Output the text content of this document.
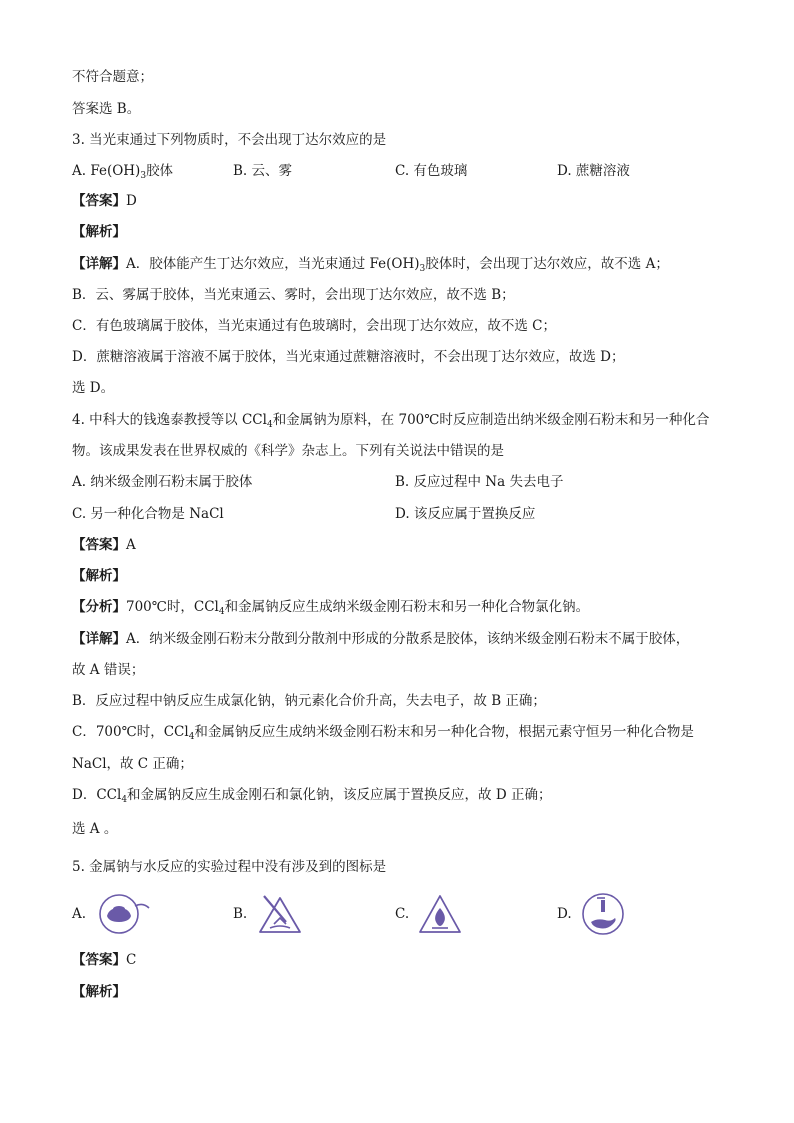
不符合题意；
答案选 B。
3. 当光束通过下列物质时，不会出现丁达尔效应的是
A. $Fe(OH)_3$胶体	B. 云、雾	C. 有色玻璃	D. 蔗糖溶液
【答案】D
【解析】
【详解】A．胶体能产生丁达尔效应，当光束通过 $Fe(OH)_3$胶体时，会出现丁达尔效应，故不选 A；
B．云、雾属于胶体，当光束通云、雾时，会出现丁达尔效应，故不选 B；
C．有色玻璃属于胶体，当光束通过有色玻璃时，会出现丁达尔效应，故不选 C；
D．蔗糖溶液属于溶液不属于胶体，当光束通过蔗糖溶液时，不会出现丁达尔效应，故选 D；
选 D。
4. 中科大的钱逸泰教授等以 CCl$_4$和金属钠为原料，在 700℃时反应制造出纳米级金刚石粉末和另一种化合
物。该成果发表在世界权威的《科学》杂志上。下列有关说法中错误的是
A. 纳米级金刚石粉末属于胶体	B. 反应过程中 Na 失去电子
C. 另一种化合物是 NaCl	D. 该反应属于置换反应
【答案】A
【解析】
【分析】700℃时，CCl$_4$和金属钠反应生成纳米级金刚石粉末和另一种化合物氯化钠。
【详解】A．纳米级金刚石粉末分散到分散剂中形成的分散系是胶体，该纳米级金刚石粉末不属于胶体，
故 A 错误；
B．反应过程中钠反应生成氯化钠，钠元素化合价升高，失去电子，故 B 正确；
C．700℃时，CCl$_4$和金属钠反应生成纳米级金刚石粉末和另一种化合物，根据元素守恒另一种化合物是
NaCl，故 C 正确；
D．CCl$_4$和金属钠反应生成金刚石和氯化钠，该反应属于置换反应，故 D 正确；
选 A 。
5. 金属钠与水反应的实验过程中没有涉及到的图标是
A.	B.	C.	D.
【答案】C
【解析】
